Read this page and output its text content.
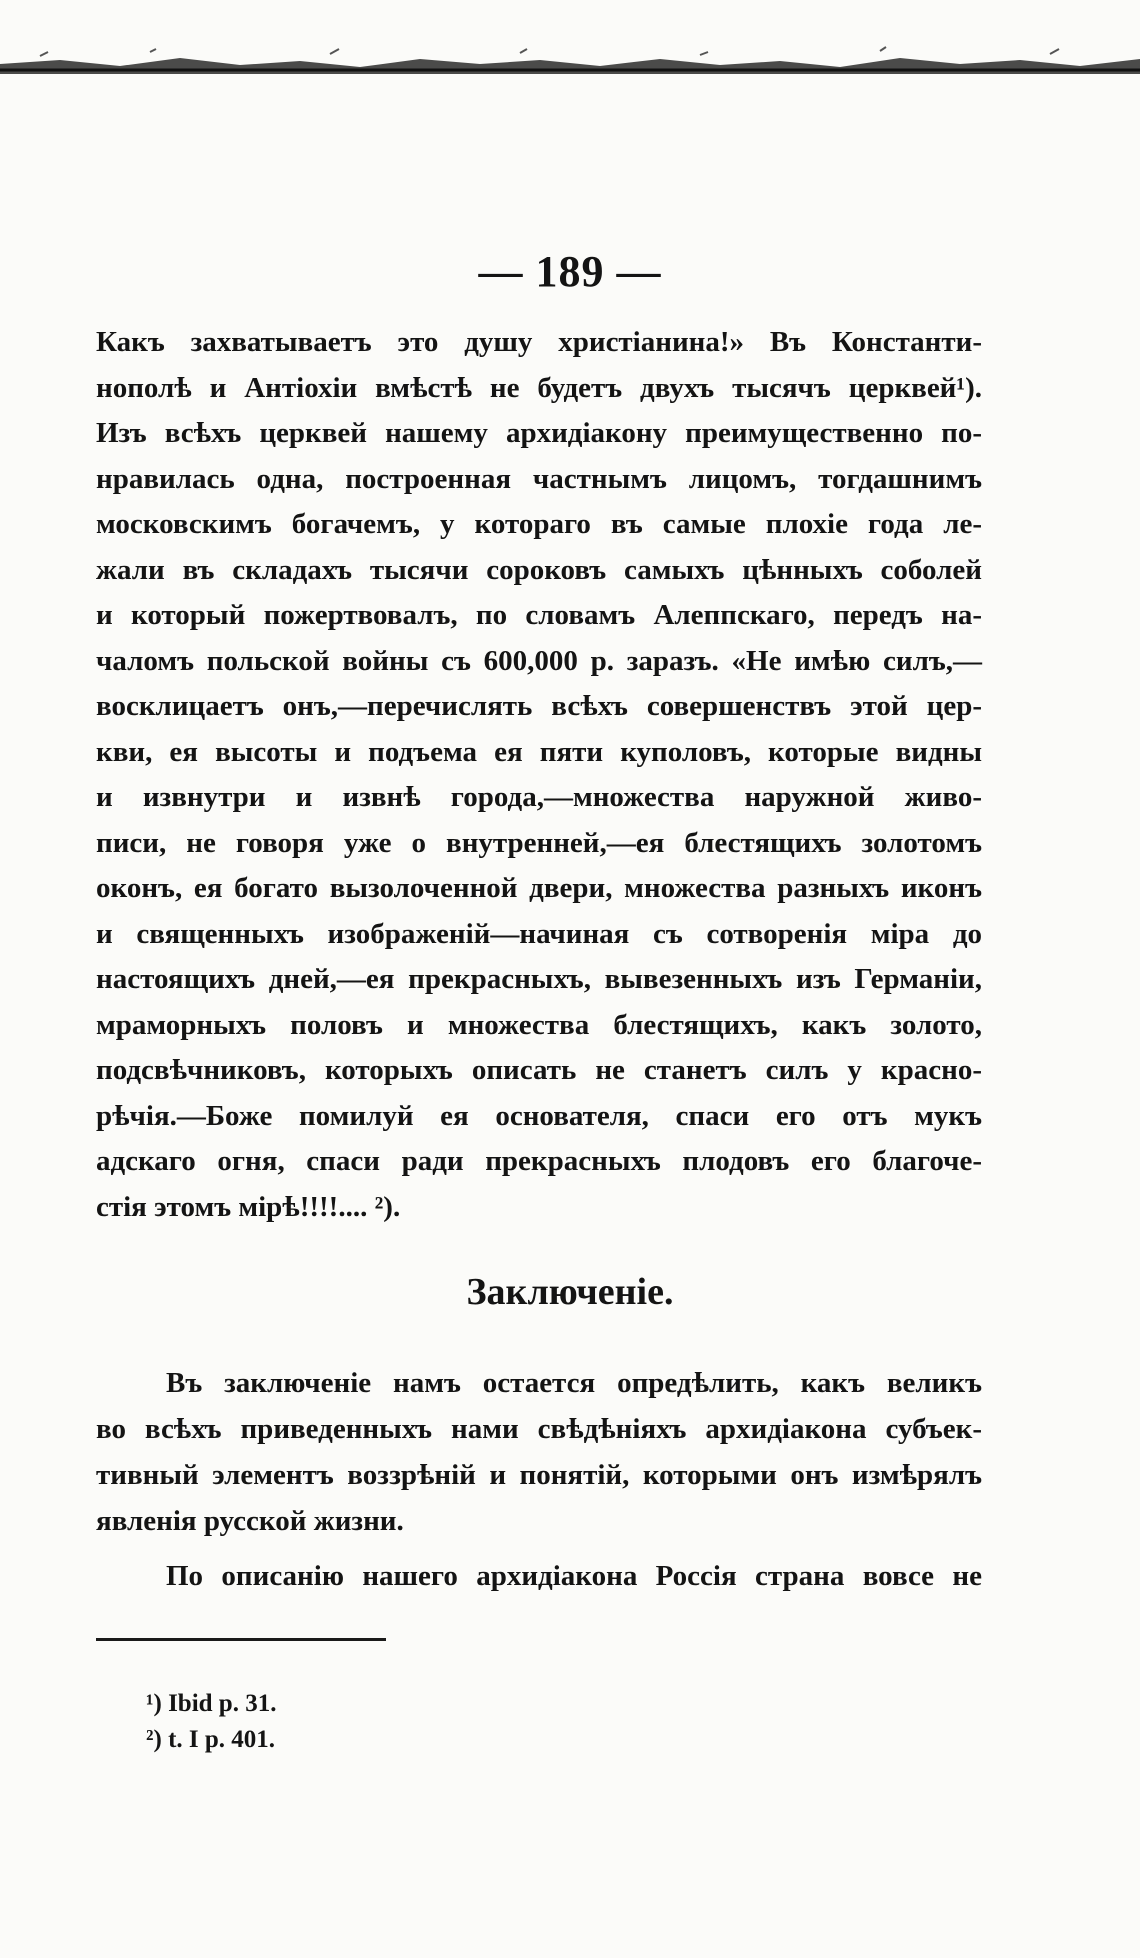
— 189 —
Какъ захватываетъ это душу христіанина!» Въ Константи-
нополѣ и Антіохіи вмѣстѣ не будетъ двухъ тысячъ церквей¹).
Изъ всѣхъ церквей нашему архидіакону преимущественно по-
нравилась одна, построенная частнымъ лицомъ, тогдашнимъ
московскимъ богачемъ, у котораго въ самые плохіе года ле-
жали въ складахъ тысячи сороковъ самыхъ цѣнныхъ соболей
и который пожертвовалъ, по словамъ Алеппскаго, передъ на-
чаломъ польской войны съ 600,000 р. заразъ. «Не имѣю силъ,—
восклицаетъ онъ,—перечислять всѣхъ совершенствъ этой цер-
кви, ея высоты и подъема ея пяти куполовъ, которые видны
и извнутри и извнѣ города,—множества наружной живо-
писи, не говоря уже о внутренней,—ея блестящихъ золотомъ
оконъ, ея богато вызолоченной двери, множества разныхъ иконъ
и священныхъ изображеній—начиная съ сотворенія міра до
настоящихъ дней,—ея прекрасныхъ, вывезенныхъ изъ Германіи,
мраморныхъ половъ и множества блестящихъ, какъ золото,
подсвѣчниковъ, которыхъ описать не станетъ силъ у красно-
рѣчія.—Боже помилуй ея основателя, спаси его отъ мукъ
адскаго огня, спаси ради прекрасныхъ плодовъ его благоче-
стія этомъ мірѣ!!!!.... ²).
Заключеніе.
Въ заключеніе намъ остается опредѣлить, какъ великъ
во всѣхъ приведенныхъ нами свѣдѣніяхъ архидіакона субъек-
тивный элементъ воззрѣній и понятій, которыми онъ измѣрялъ
явленія русской жизни.
По описанію нашего архидіакона Россія страна вовсе не
¹) Ibid p. 31.
²) t. I p. 401.
